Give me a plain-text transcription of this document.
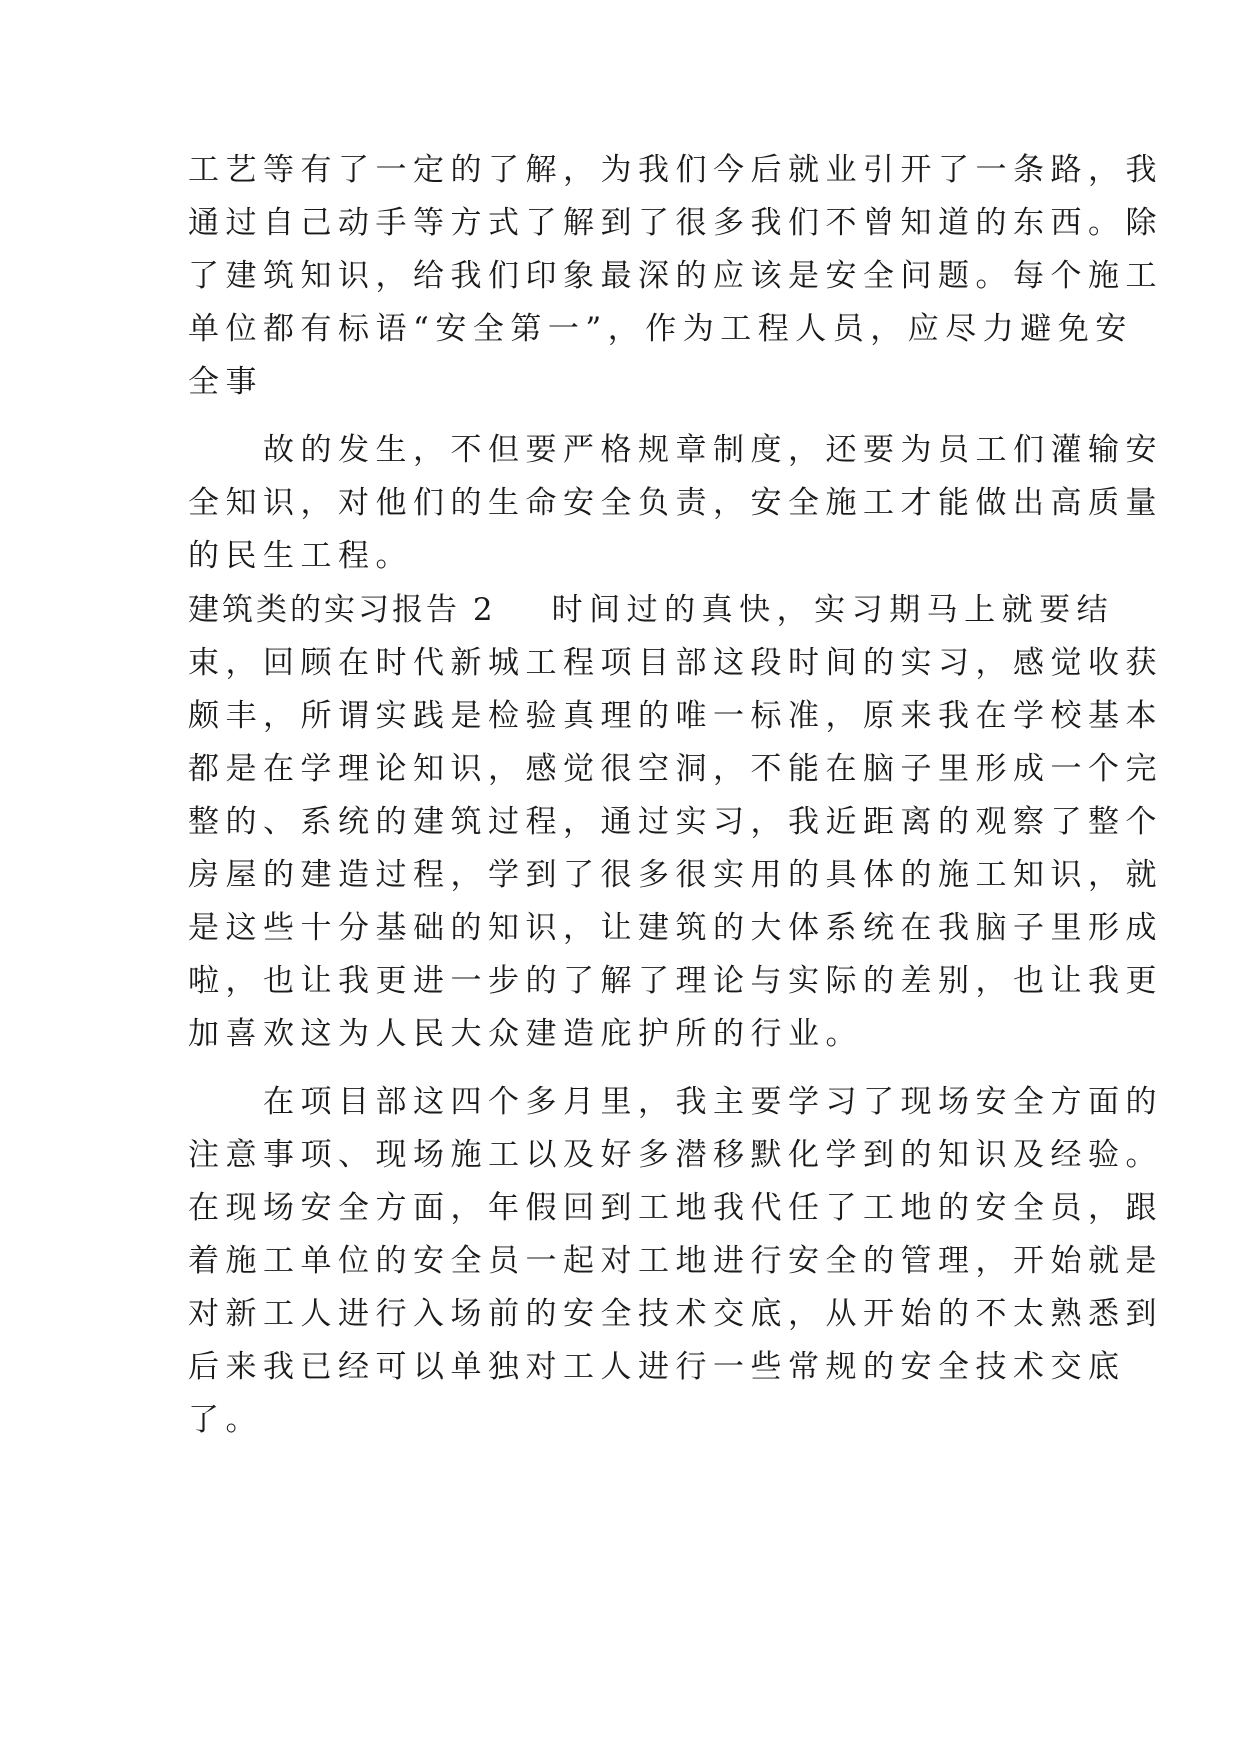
工艺等有了一定的了解，为我们今后就业引开了一条路，我
通过自己动手等方式了解到了很多我们不曾知道的东西。除
了建筑知识，给我们印象最深的应该是安全问题。每个施工
单位都有标语“安全第一”，作为工程人员，应尽力避免安
全事
　　故的发生，不但要严格规章制度，还要为员工们灌输安
全知识，对他们的生命安全负责，安全施工才能做出高质量
的民生工程。
建筑类的实习报告 2 时间过的真快，实习期马上就要结
束，回顾在时代新城工程项目部这段时间的实习，感觉收获
颇丰，所谓实践是检验真理的唯一标准，原来我在学校基本
都是在学理论知识，感觉很空洞，不能在脑子里形成一个完
整的、系统的建筑过程，通过实习，我近距离的观察了整个
房屋的建造过程，学到了很多很实用的具体的施工知识，就
是这些十分基础的知识，让建筑的大体系统在我脑子里形成
啦，也让我更进一步的了解了理论与实际的差别，也让我更
加喜欢这为人民大众建造庇护所的行业。
　　在项目部这四个多月里，我主要学习了现场安全方面的
注意事项、现场施工以及好多潜移默化学到的知识及经验。
在现场安全方面，年假回到工地我代任了工地的安全员，跟
着施工单位的安全员一起对工地进行安全的管理，开始就是
对新工人进行入场前的安全技术交底，从开始的不太熟悉到
后来我已经可以单独对工人进行一些常规的安全技术交底
了。
